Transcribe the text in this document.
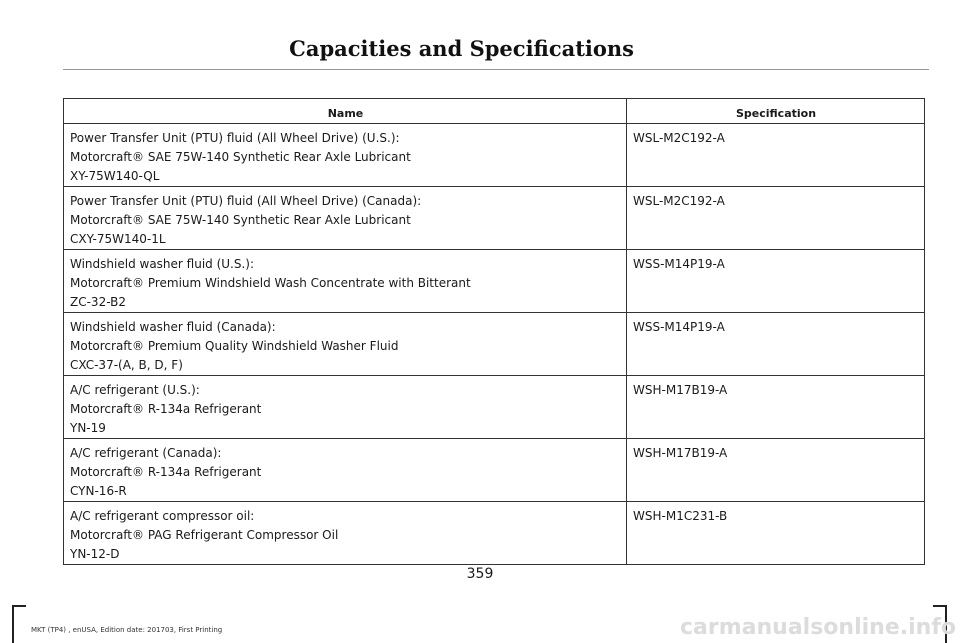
Capacities and Specifications
Name	Specification

Power Transfer Unit (PTU) fluid (All Wheel Drive) (U.S.):
Motorcraft® SAE 75W-140 Synthetic Rear Axle Lubricant
XY-75W140-QL	WSL-M2C192-A

Power Transfer Unit (PTU) fluid (All Wheel Drive) (Canada):
Motorcraft® SAE 75W-140 Synthetic Rear Axle Lubricant
CXY-75W140-1L	WSL-M2C192-A

Windshield washer fluid (U.S.):
Motorcraft® Premium Windshield Wash Concentrate with Bitterant
ZC-32-B2	WSS-M14P19-A

Windshield washer fluid (Canada):
Motorcraft® Premium Quality Windshield Washer Fluid
CXC-37-(A, B, D, F)	WSS-M14P19-A

A/C refrigerant (U.S.):
Motorcraft® R-134a Refrigerant
YN-19	WSH-M17B19-A

A/C refrigerant (Canada):
Motorcraft® R-134a Refrigerant
CYN-16-R	WSH-M17B19-A

A/C refrigerant compressor oil:
Motorcraft® PAG Refrigerant Compressor Oil
YN-12-D	WSH-M1C231-B
359
MKT (TP4) , enUSA, Edition date: 201703, First Printing	carmanualsonline.info
